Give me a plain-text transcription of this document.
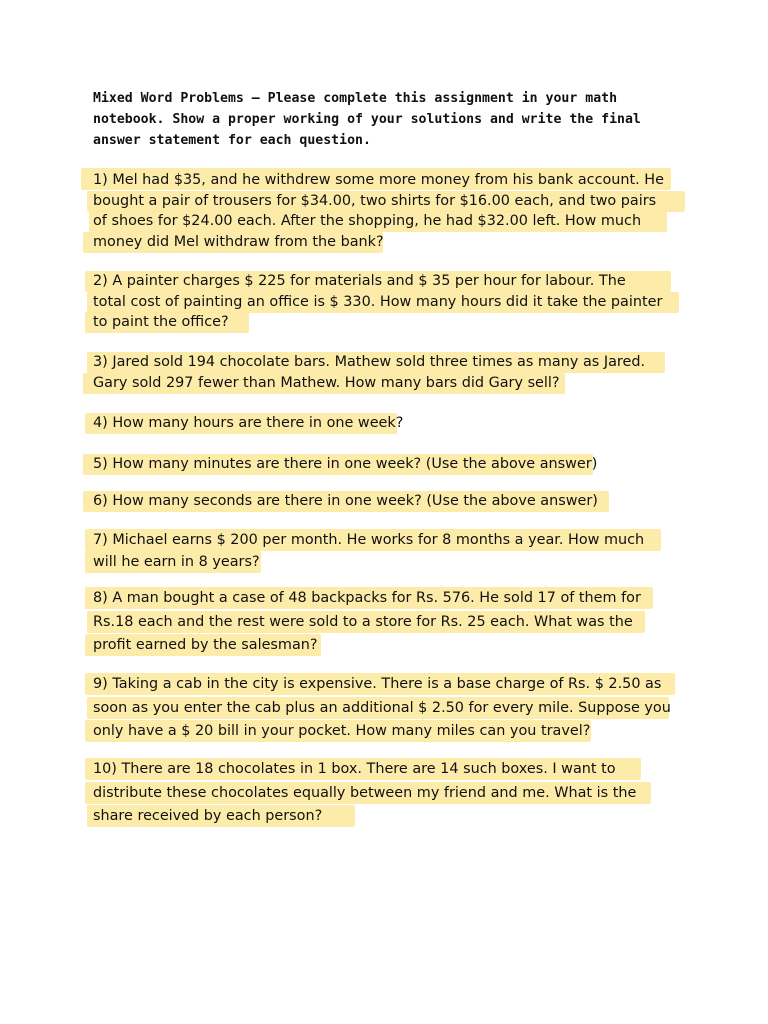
Mixed Word Problems – Please complete this assignment in your math
notebook. Show a proper working of your solutions and write the final
answer statement for each question.
1) Mel had $35, and he withdrew some more money from his bank account. He
bought a pair of trousers for $34.00, two shirts for $16.00 each, and two pairs
of shoes for $24.00 each. After the shopping, he had $32.00 left. How much
money did Mel withdraw from the bank?
2) A painter charges $ 225 for materials and $ 35 per hour for labour. The
total cost of painting an office is $ 330. How many hours did it take the painter
to paint the office?
3) Jared sold 194 chocolate bars. Mathew sold three times as many as Jared.
Gary sold 297 fewer than Mathew. How many bars did Gary sell?
4) How many hours are there in one week?
5) How many minutes are there in one week? (Use the above answer)
6) How many seconds are there in one week? (Use the above answer)
7) Michael earns $ 200 per month. He works for 8 months a year. How much
will he earn in 8 years?
8) A man bought a case of 48 backpacks for Rs. 576. He sold 17 of them for
Rs.18 each and the rest were sold to a store for Rs. 25 each. What was the
profit earned by the salesman?
9) Taking a cab in the city is expensive. There is a base charge of Rs. $ 2.50 as
soon as you enter the cab plus an additional $ 2.50 for every mile. Suppose you
only have a $ 20 bill in your pocket. How many miles can you travel?
10) There are 18 chocolates in 1 box. There are 14 such boxes. I want to
distribute these chocolates equally between my friend and me. What is the
share received by each person?
